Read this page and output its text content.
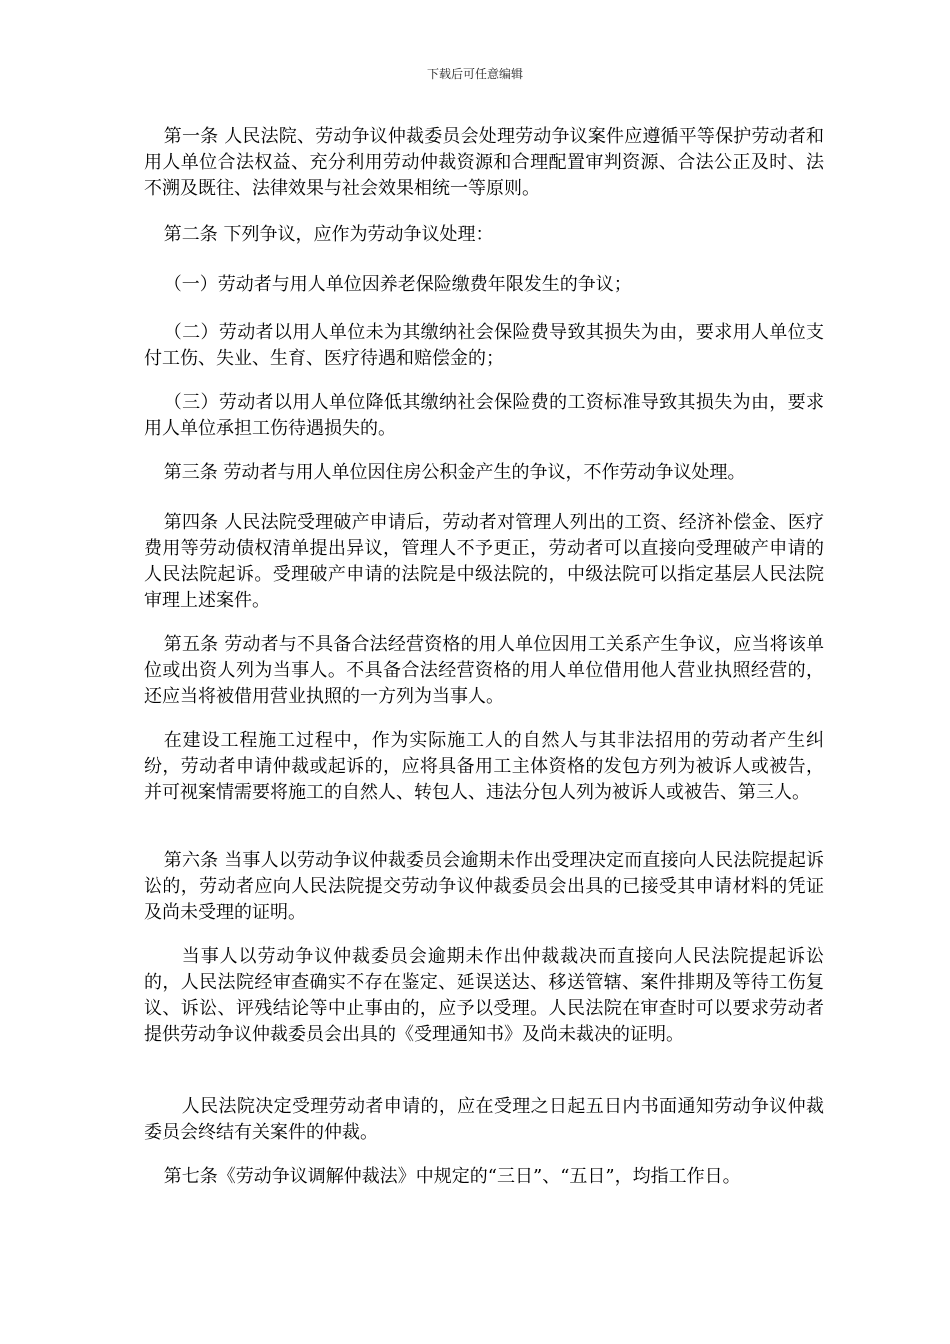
下载后可任意编辑

第一条 人民法院、劳动争议仲裁委员会处理劳动争议案件应遵循平等保护劳动者和用人单位合法权益、充分利用劳动仲裁资源和合理配置审判资源、合法公正及时、法不溯及既往、法律效果与社会效果相统一等原则。

第二条 下列争议，应作为劳动争议处理：

（一）劳动者与用人单位因养老保险缴费年限发生的争议；

（二）劳动者以用人单位未为其缴纳社会保险费导致其损失为由，要求用人单位支付工伤、失业、生育、医疗待遇和赔偿金的；

（三）劳动者以用人单位降低其缴纳社会保险费的工资标准导致其损失为由，要求用人单位承担工伤待遇损失的。

第三条 劳动者与用人单位因住房公积金产生的争议，不作劳动争议处理。

第四条 人民法院受理破产申请后，劳动者对管理人列出的工资、经济补偿金、医疗费用等劳动债权清单提出异议，管理人不予更正，劳动者可以直接向受理破产申请的人民法院起诉。受理破产申请的法院是中级法院的，中级法院可以指定基层人民法院审理上述案件。

第五条 劳动者与不具备合法经营资格的用人单位因用工关系产生争议，应当将该单位或出资人列为当事人。不具备合法经营资格的用人单位借用他人营业执照经营的，还应当将被借用营业执照的一方列为当事人。

在建设工程施工过程中，作为实际施工人的自然人与其非法招用的劳动者产生纠纷，劳动者申请仲裁或起诉的，应将具备用工主体资格的发包方列为被诉人或被告，并可视案情需要将施工的自然人、转包人、违法分包人列为被诉人或被告、第三人。

第六条 当事人以劳动争议仲裁委员会逾期未作出受理决定而直接向人民法院提起诉讼的，劳动者应向人民法院提交劳动争议仲裁委员会出具的已接受其申请材料的凭证及尚未受理的证明。

当事人以劳动争议仲裁委员会逾期未作出仲裁裁决而直接向人民法院提起诉讼的，人民法院经审查确实不存在鉴定、延误送达、移送管辖、案件排期及等待工伤复议、诉讼、评残结论等中止事由的，应予以受理。人民法院在审查时可以要求劳动者提供劳动争议仲裁委员会出具的《受理通知书》及尚未裁决的证明。

人民法院决定受理劳动者申请的，应在受理之日起五日内书面通知劳动争议仲裁委员会终结有关案件的仲裁。

第七条《劳动争议调解仲裁法》中规定的“三日”、“五日”，均指工作日。
